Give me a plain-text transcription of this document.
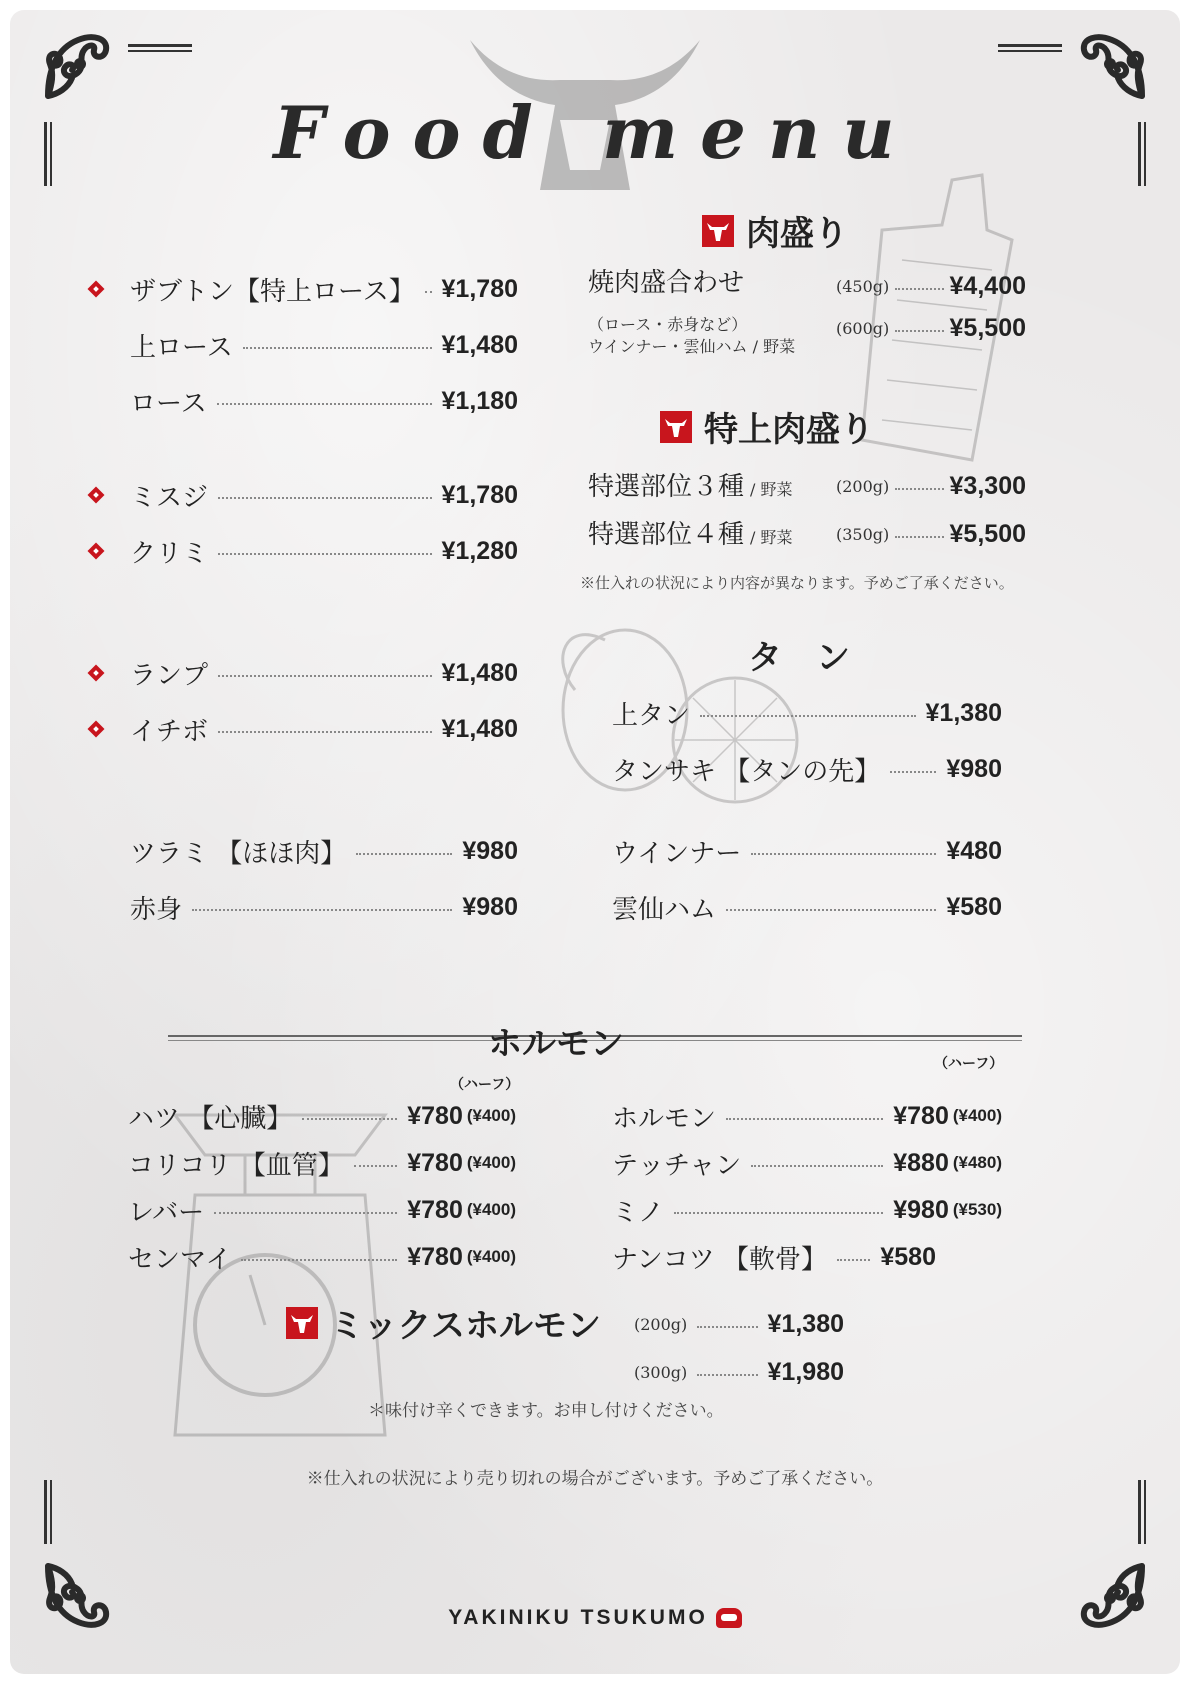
Food menu
ザブトン【特上ロース】 ¥1,780
上ロース	¥1,480
ロース	¥1,180
ミスジ	¥1,780
クリミ	¥1,280
ランプ	¥1,480
イチボ	¥1,480
ツラミ 【ほほ肉】	¥980
赤身	¥980
肉盛り
焼肉盛合わせ	(450g) ¥4,400
（ロース・赤身など）
ウインナー・雲仙ハム / 野菜
(600g) ¥5,500
特上肉盛り
特選部位３種 / 野菜	(200g) ¥3,300
特選部位４種 / 野菜	(350g) ¥5,500
※仕入れの状況により内容が異なります。予めご了承ください。
タ　ン
上タン	¥1,380
タンサキ 【タンの先】	¥980
ウインナー	¥480
雲仙ハム	¥580
ホルモン
（ハーフ）
（ハーフ）
ハツ 【心臓】	¥780 (¥400)
コリコリ 【血管】	¥780 (¥400)
レバー	¥780 (¥400)
センマイ	¥780 (¥400)
ホルモン	¥780 (¥400)
テッチャン	¥880 (¥480)
ミノ	¥980 (¥530)
ナンコツ 【軟骨】 ¥580
ミックスホルモン (200g)	¥1,380
(300g)	¥1,980
＊味付け辛くできます。お申し付けください。
※仕入れの状況により売り切れの場合がございます。予めご了承ください。
YAKINIKU TSUKUMO
